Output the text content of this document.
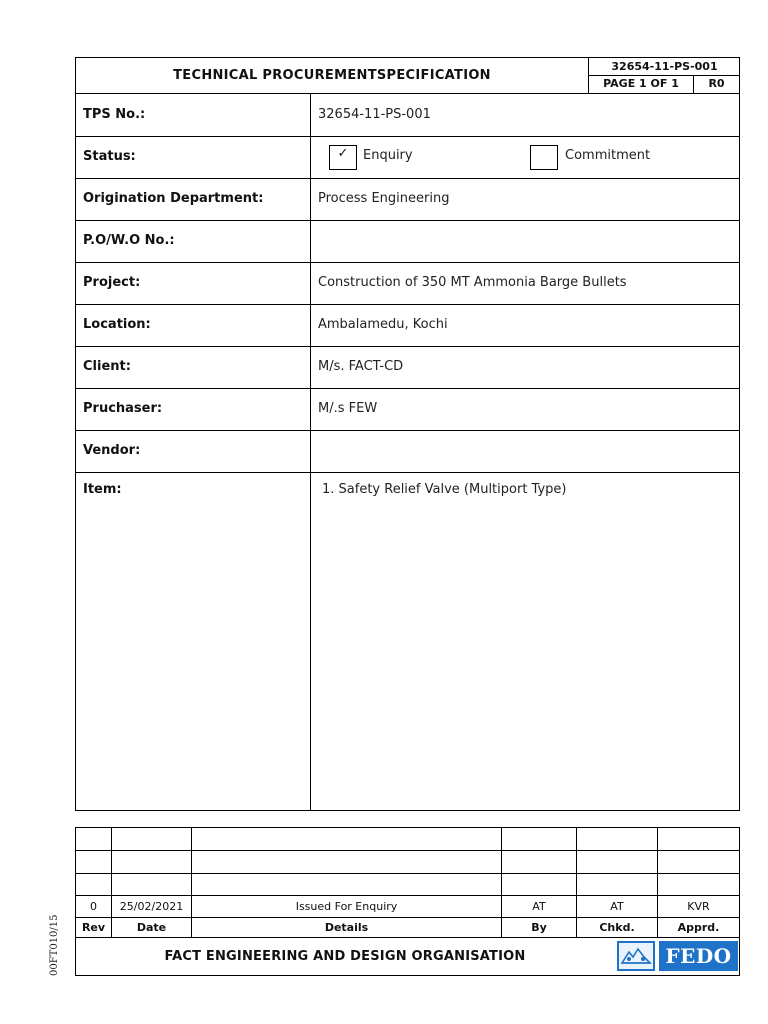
TECHNICAL PROCUREMENTSPECIFICATION
32654-11-PS-001
PAGE 1 OF 1	R0
TPS No.:	32654-11-PS-001
Status:	✓	Enquiry	Commitment
Origination Department:	Process Engineering
P.O/W.O No.:
Project:	Construction of 350 MT Ammonia Barge Bullets
Location:	Ambalamedu, Kochi
Client:	M/s. FACT-CD
Pruchaser:	M/.s FEW
Vendor:
Item:	1. Safety Relief Valve (Multiport Type)
0	25/02/2021	Issued For Enquiry	AT	AT	KVR
Rev	Date	Details	By	Chkd.	Apprd.
FACT ENGINEERING AND DESIGN ORGANISATION	FEDO
00FT010/15
